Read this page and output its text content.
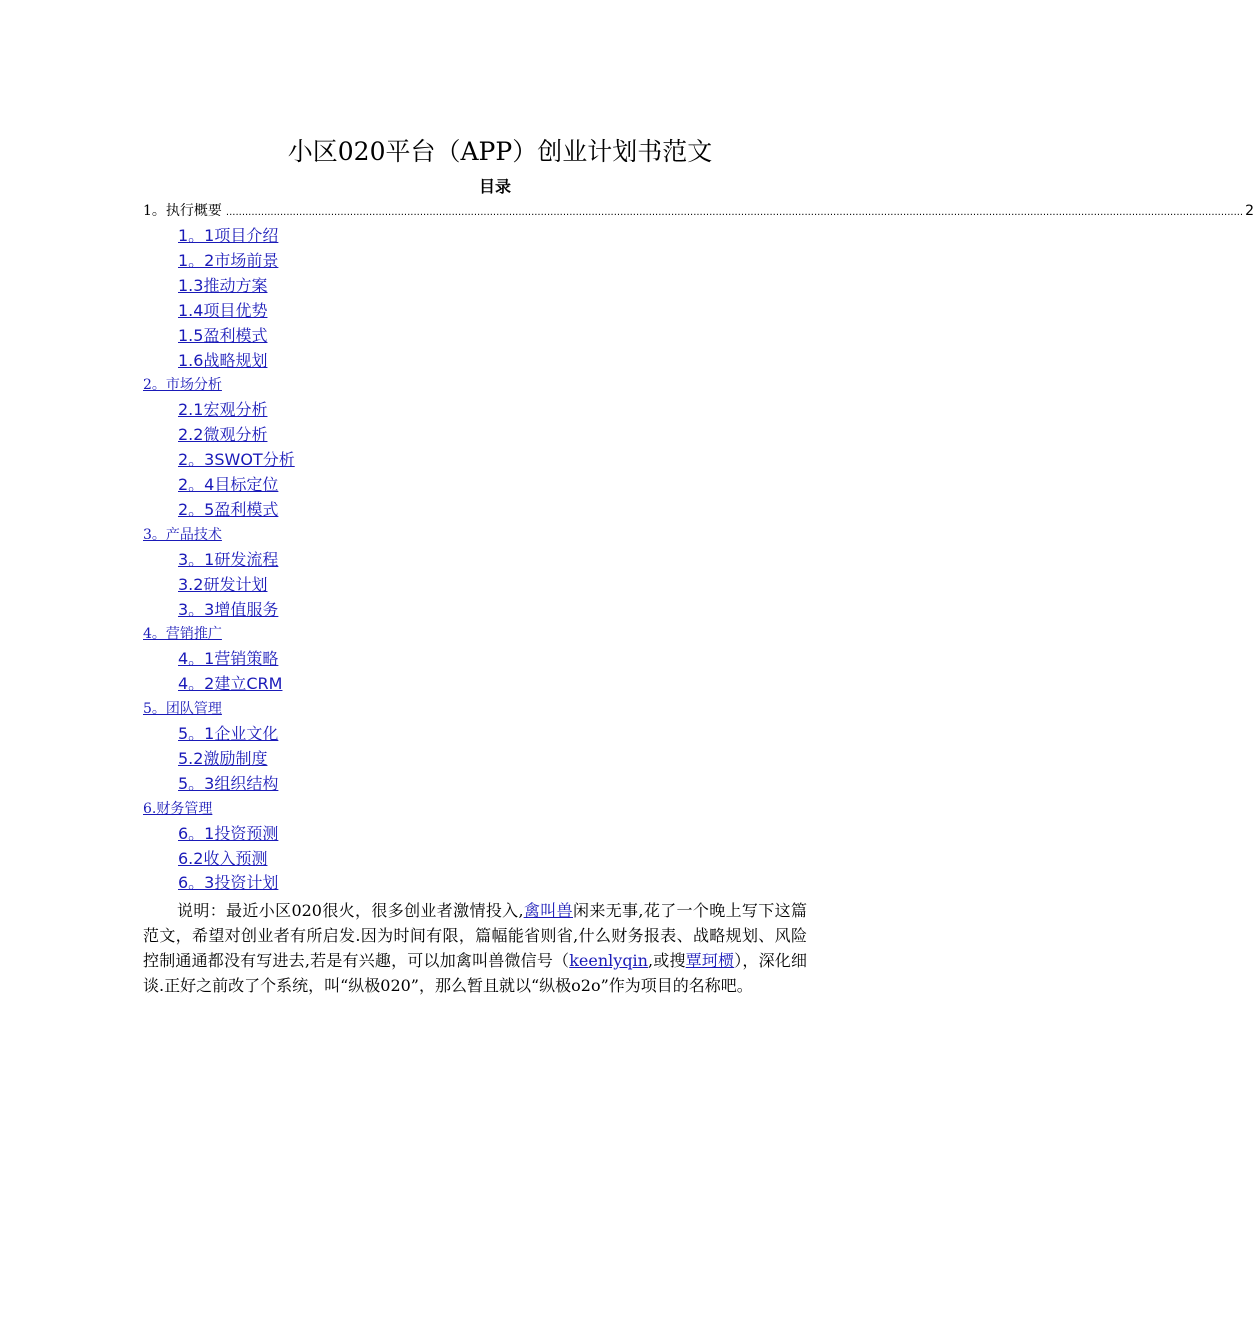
小区020平台（APP）创业计划书范文
目录
1。执行概要 ................................................................................................................................................................................................................................................................................................................................ 2
1。1项目介绍
1。2市场前景
1.3推动方案
1.4项目优势
1.5盈利模式
1.6战略规划
2。市场分析
2.1宏观分析
2.2微观分析
2。3SWOT分析
2。4目标定位
2。5盈利模式
3。产品技术
3。1研发流程
3.2研发计划
3。3增值服务
4。营销推广
4。1营销策略
4。2建立CRM
5。团队管理
5。1企业文化
5.2激励制度
5。3组织结构
6.财务管理
6。1投资预测
6.2收入预测
6。3投资计划

说明：最近小区020很火，很多创业者激情投入,禽叫兽闲来无事,花了一个晚上写下这篇范文，希望对创业者有所启发.因为时间有限，篇幅能省则省,什么财务报表、战略规划、风险控制通通都没有写进去,若是有兴趣，可以加禽叫兽微信号（keenlyqin,或搜覃珂槚），深化细谈.正好之前改了个系统，叫“纵极020”，那么暂且就以“纵极o2o”作为项目的名称吧。
